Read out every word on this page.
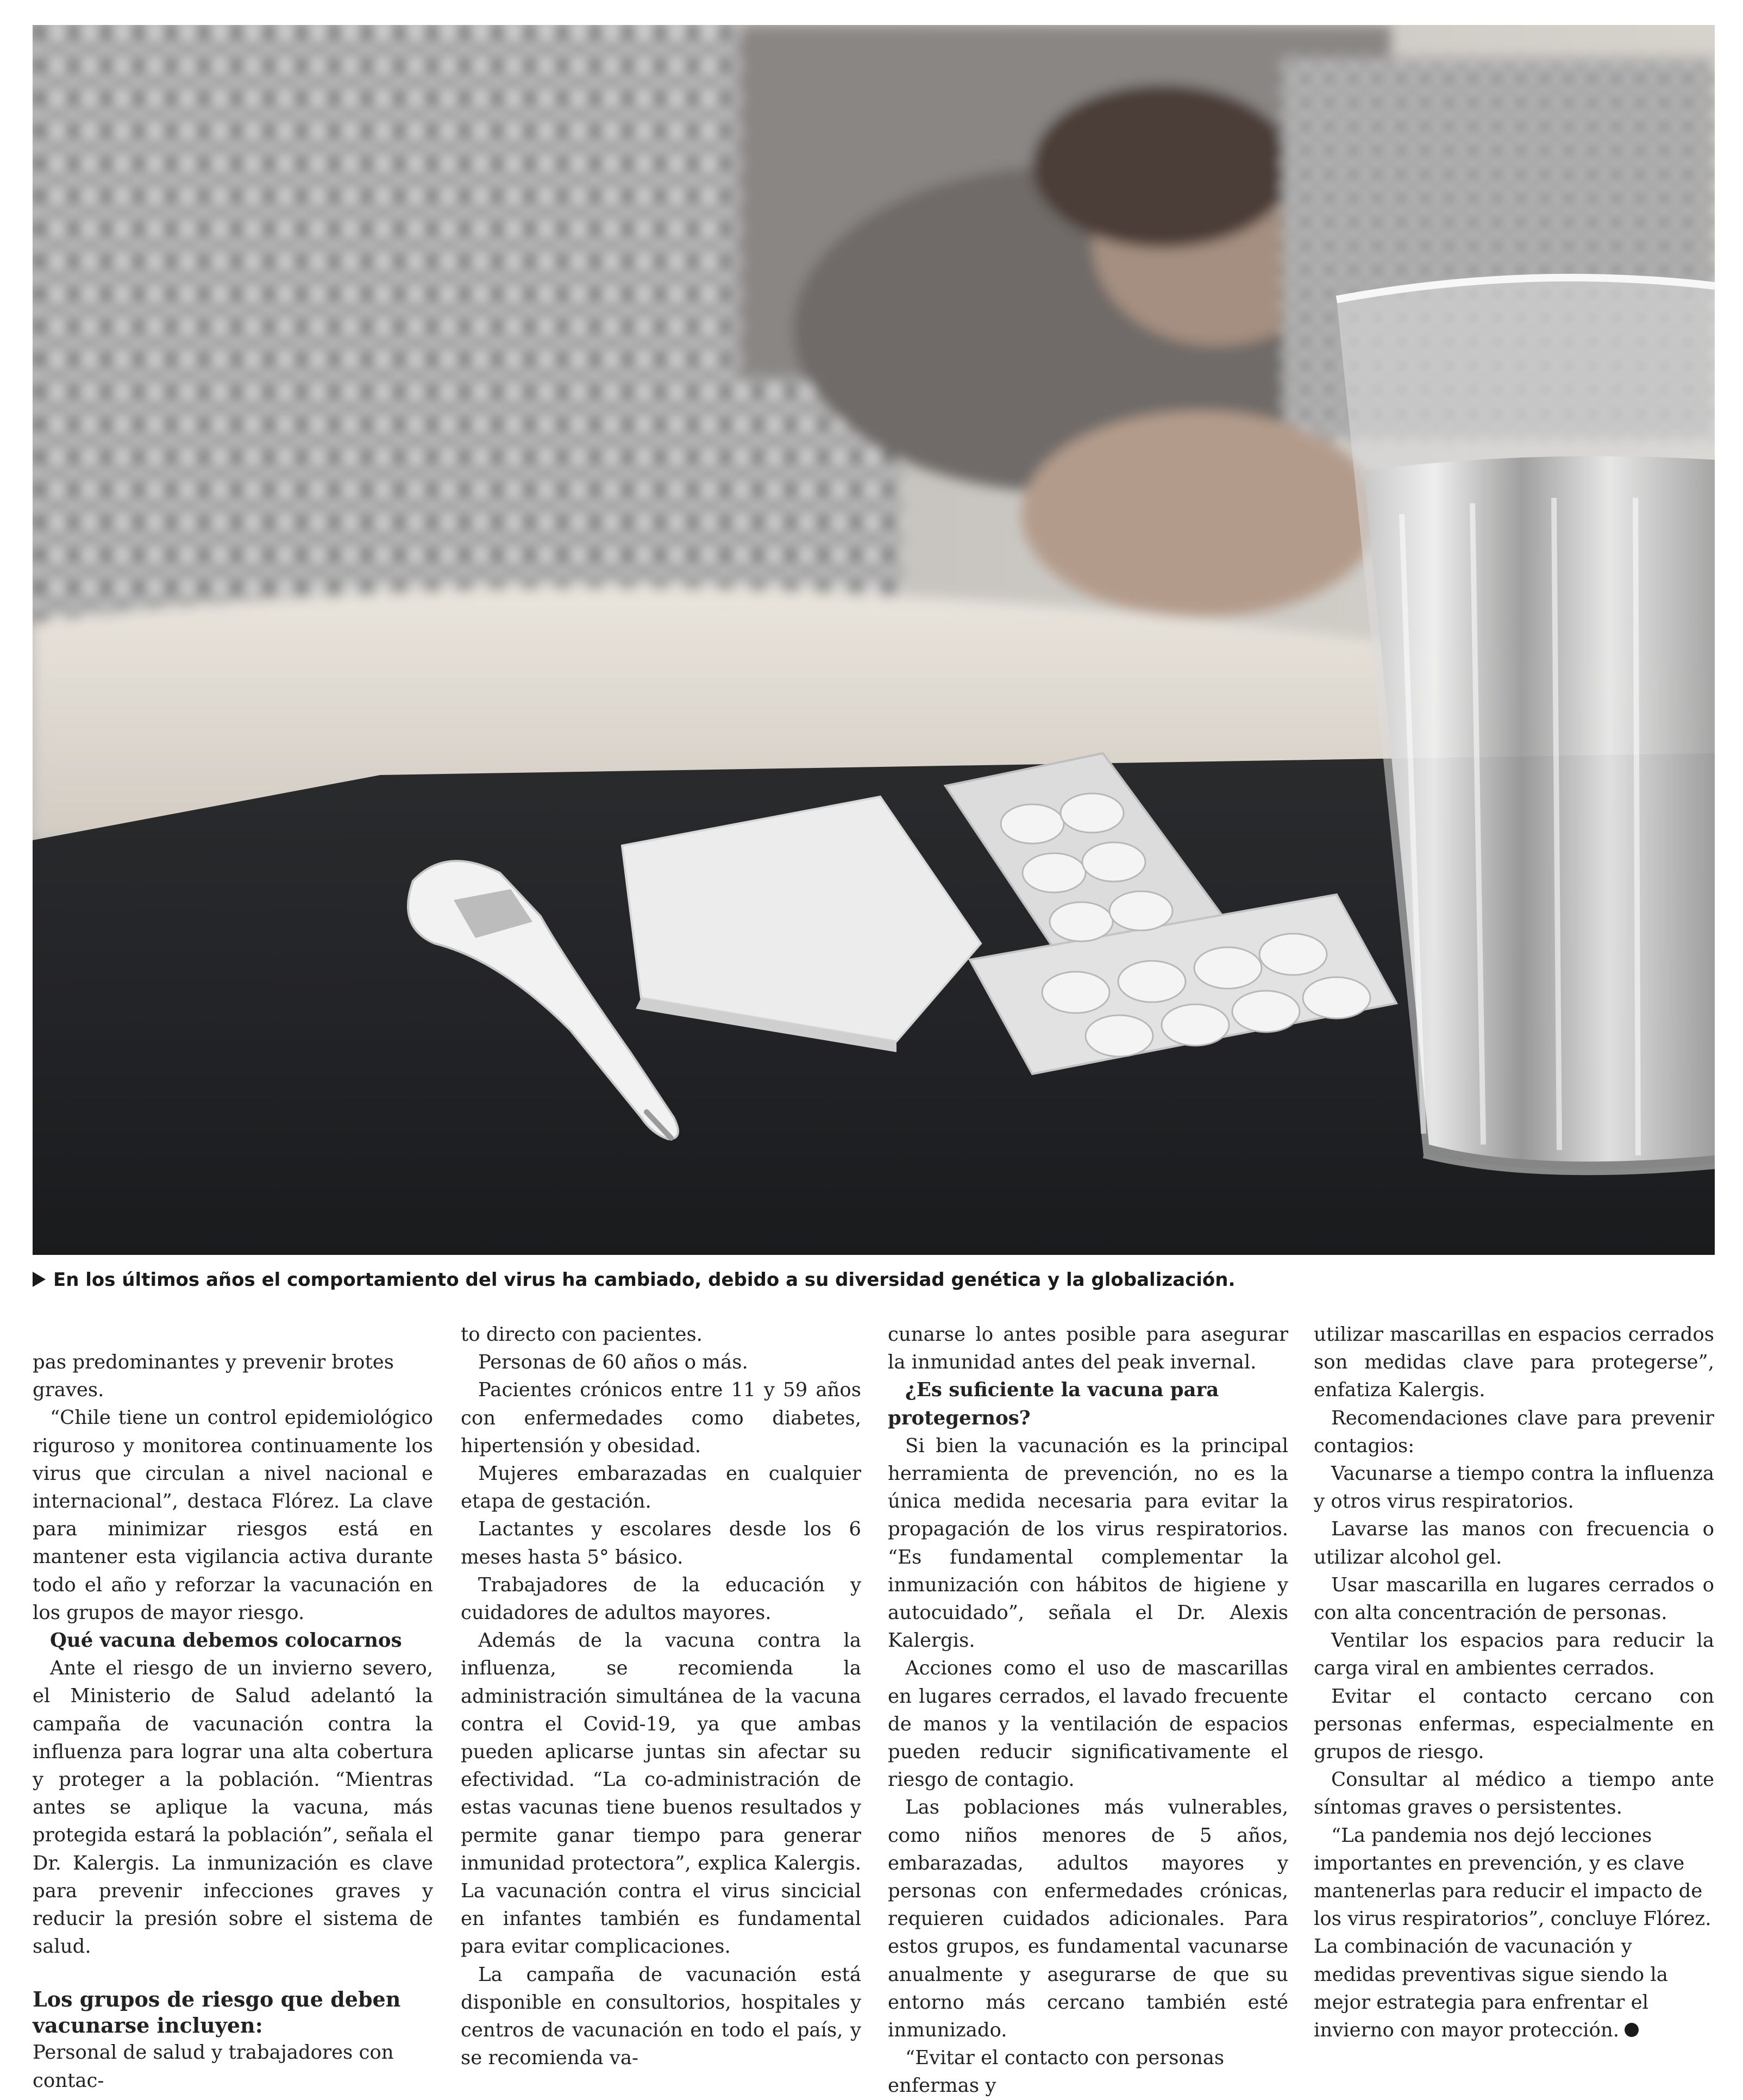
En los últimos años el comportamiento del virus ha cambiado, debido a su diversidad genética y la globalización.

pas predominantes y prevenir brotes graves.

“Chile tiene un control epidemiológico riguroso y monitorea continuamente los virus que circulan a nivel nacional e internacional”, destaca Flórez. La clave para minimizar riesgos está en mantener esta vigilancia activa durante todo el año y reforzar la vacunación en los grupos de mayor riesgo.

Qué vacuna debemos colocarnos

Ante el riesgo de un invierno severo, el Ministerio de Salud adelantó la campaña de vacunación contra la influenza para lograr una alta cobertura y proteger a la población. “Mientras antes se aplique la vacuna, más protegida estará la población”, señala el Dr. Kalergis. La inmunización es clave para prevenir infecciones graves y reducir la presión sobre el sistema de salud.

Los grupos de riesgo que deben vacunarse incluyen:

Personal de salud y trabajadores con contac-

to directo con pacientes.

Personas de 60 años o más.

Pacientes crónicos entre 11 y 59 años con enfermedades como diabetes, hipertensión y obesidad.

Mujeres embarazadas en cualquier etapa de gestación.

Lactantes y escolares desde los 6 meses hasta 5° básico.

Trabajadores de la educación y cuidadores de adultos mayores.

Además de la vacuna contra la influenza, se recomienda la administración simultánea de la vacuna contra el Covid-19, ya que ambas pueden aplicarse juntas sin afectar su efectividad. “La co-administración de estas vacunas tiene buenos resultados y permite ganar tiempo para generar inmunidad protectora”, explica Kalergis. La vacunación contra el virus sincicial en infantes también es fundamental para evitar complicaciones.

La campaña de vacunación está disponible en consultorios, hospitales y centros de vacunación en todo el país, y se recomienda va-

cunarse lo antes posible para asegurar la inmunidad antes del peak invernal.

¿Es suficiente la vacuna para protegernos?

Si bien la vacunación es la principal herramienta de prevención, no es la única medida necesaria para evitar la propagación de los virus respiratorios. “Es fundamental complementar la inmunización con hábitos de higiene y autocuidado”, señala el Dr. Alexis Kalergis.

Acciones como el uso de mascarillas en lugares cerrados, el lavado frecuente de manos y la ventilación de espacios pueden reducir significativamente el riesgo de contagio.

Las poblaciones más vulnerables, como niños menores de 5 años, embarazadas, adultos mayores y personas con enfermedades crónicas, requieren cuidados adicionales. Para estos grupos, es fundamental vacunarse anualmente y asegurarse de que su entorno más cercano también esté inmunizado.

“Evitar el contacto con personas enfermas y

utilizar mascarillas en espacios cerrados son medidas clave para protegerse”, enfatiza Kalergis.

Recomendaciones clave para prevenir contagios:

Vacunarse a tiempo contra la influenza y otros virus respiratorios.

Lavarse las manos con frecuencia o utilizar alcohol gel.

Usar mascarilla en lugares cerrados o con alta concentración de personas.

Ventilar los espacios para reducir la carga viral en ambientes cerrados.

Evitar el contacto cercano con personas enfermas, especialmente en grupos de riesgo.

Consultar al médico a tiempo ante síntomas graves o persistentes.

“La pandemia nos dejó lecciones importantes en prevención, y es clave mantenerlas para reducir el impacto de los virus respiratorios”, concluye Flórez. La combinación de vacunación y medidas preventivas sigue siendo la mejor estrategia para enfrentar el invierno con mayor protección.
